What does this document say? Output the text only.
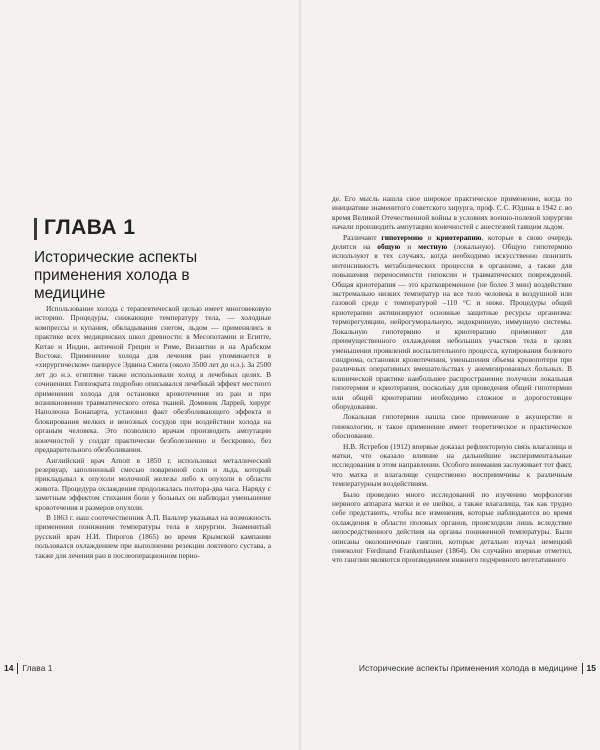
ГЛАВА 1
Исторические аспекты применения холода в медицине

Использование холода с терапевтической целью имеет многовековую историю. Процедуры, снижающие температуру тела, — холодные компрессы и купания, обкладывания снегом, льдом — применялись в практике всех медицинских школ древности: в Месопотамии и Египте, Китае и Индии, античной Греции и Риме, Византии и на Арабском Востоке. Применение холода для лечения ран упоминается в «хирургическом» папирусе Эдвина Смита (около 3500 лет до н.э.). За 2500 лет до н.э. египтяне также использовали холод в лечебных целях. В сочинениях Гиппократа подробно описывался лечебный эффект местного применения холода для остановки кровотечения из ран и при возникновении травматического отека тканей. Доминик Ларрей, хирург Наполеона Бонапарта, установил факт обезболивающего эффекта и блокирования мелких и венозных сосудов при воздействии холода на органым человека. Это позволило врачам производить ампутации конечностей у солдат практически безболезненно и бескровно, без предварительного обезболивания.

Английский врач Arnott в 1850 г. использовал металлический резервуар, заполненный смесью поваренной соли и льда, который прикладывал к опухоли молочной железы либо к опухоли в области живота. Процедура охлаждения продолжалась полтора-два часа. Наряду с заметным эффектом стихания боли у больных он наблюдал уменьшение кровотечения и размеров опухоли.

В 1863 г. наш соотечественник А.П. Вальтер указывал на возможность применения понижения температуры тела в хирургии. Знаменитый русский врач Н.И. Пирогов (1865) во время Крымской кампании пользовался охлаждением при выполнении резекции локтевого сустава, а также для лечения ран в послеоперационном перио-

14 Глава 1

де. Его мысль нашла свое широкое практическое применение, когда по инициативе знаменитого советского хирурга, проф. С.С. Юдина в 1942 г. во время Великой Отечественной войны в условиях военно-полевой хирургии начали производить ампутацию конечностей с анестезией таящим льдом.

Различают гипотермию и криотерапию, которые в свою очередь делятся на общую и местную (локальную). Общую гипотермию используют в тех случаях, когда необходимо искусственно понизить интенсивность метаболических процессов в организме, а также для повышения переносимости гипоксии и травматических повреждений. Общая криотерапия — это кратковременное (не более 3 мин) воздействие экстремально низких температур на все тело человека в воздушной или газовой среде с температурой –110 °С и ниже. Процедуры общей криотерапии активизируют основные защитные ресурсы организма: терморегуляцию, нейрогуморальную, эндокринную, иммунную системы. Локальную гипотермию и криотерапию применяют для преимущественного охлаждения небольших участков тела в целях уменьшения проявлений воспалительного процесса, купирования болевого синдрома, остановки кровотечения, уменьшения объема кровопотери при различных оперативных вмешательствах у анемизированных больных. В клинической практике наибольшее распространение получили локальная гипотермия и криотерапия, поскольку для проведения общей гипотермии или общей криотерапии необходимо сложное и дорогостоящее оборудование.

Локальная гипотермия нашла свое применение в акушерстве и гинекологии, и такое применение имеет теоретическое и практическое обоснование.

Н.В. Ястребов (1912) впервые доказал рефлекторную связь влагалища и матки, что оказало влияние на дальнейшие экспериментальные исследования в этом направлении. Особого внимания заслуживает тот факт, что матка и влагалище существенно восприимчивы к различным температурным воздействиям.

Было проведено много исследований по изучению морфологии нервного аппарата матки и ее шейки, а также влагалища, так как трудно себе представить, чтобы все изменения, которые наблюдаются во время охлаждения в области половых органов, происходили лишь вследствие непосредственного действия на органы пониженной температуры. Были описаны околошеечные ганглии, которые детально изучал немецкий гинеколог Ferdinand Frankenhauser (1864). Он случайно впервые отметил, что ганглии являются произведением нижнего подчревного вегетативного

Исторические аспекты применения холода в медицине 15
